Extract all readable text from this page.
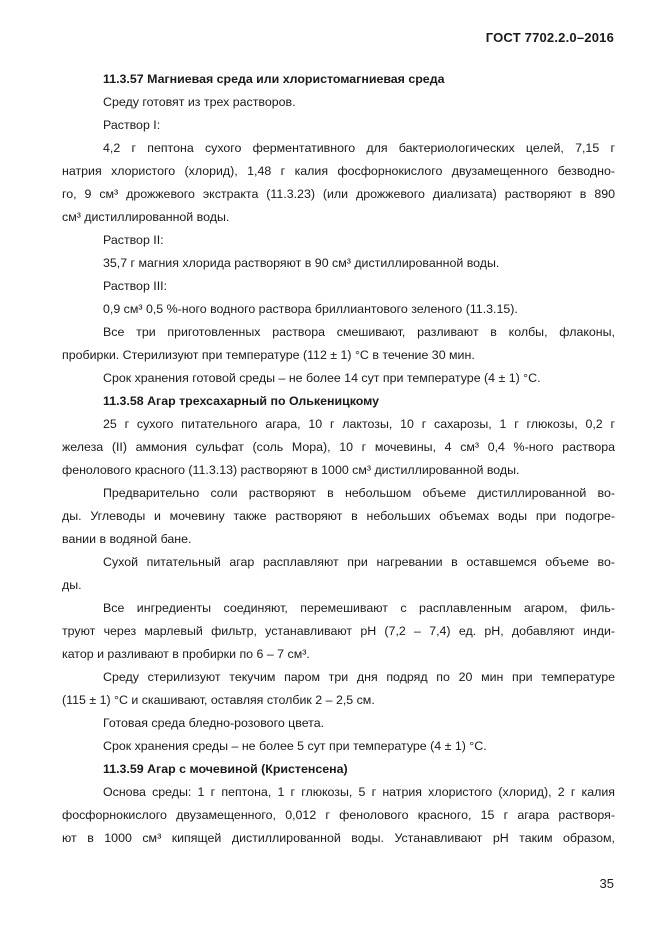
ГОСТ 7702.2.0–2016
11.3.57 Магниевая среда или хлористомагниевая среда
Среду готовят из трех растворов.
Раствор I:
4,2 г пептона сухого ферментативного для бактериологических целей, 7,15 г
натрия хлористого (хлорид), 1,48 г калия фосфорнокислого двузамещенного безводно-
го, 9 см³ дрожжевого экстракта (11.3.23) (или дрожжевого диализата) растворяют в 890
см³ дистиллированной воды.
Раствор II:
35,7 г магния хлорида растворяют в 90 см³ дистиллированной воды.
Раствор III:
0,9 см³ 0,5 %-ного водного раствора бриллиантового зеленого (11.3.15).
Все три приготовленных раствора смешивают, разливают в колбы, флаконы,
пробирки. Стерилизуют при температуре (112 ± 1) °С в течение 30 мин.
Срок хранения готовой среды – не более 14 сут при температуре (4 ± 1) °С.
11.3.58 Агар трехсахарный по Олькеницкому
25 г сухого питательного агара, 10 г лактозы, 10 г сахарозы, 1 г глюкозы, 0,2 г
железа (II) аммония сульфат (соль Мора), 10 г мочевины, 4 см³ 0,4 %-ного раствора
фенолового красного (11.3.13) растворяют в 1000 см³ дистиллированной воды.
Предварительно соли растворяют в небольшом объеме дистиллированной во-
ды. Углеводы и мочевину также растворяют в небольших объемах воды при подогре-
вании в водяной бане.
Сухой питательный агар расплавляют при нагревании в оставшемся объеме во-
ды.
Все ингредиенты соединяют, перемешивают с расплавленным агаром, филь-
труют через марлевый фильтр, устанавливают рН (7,2 – 7,4) ед. рН, добавляют инди-
катор и разливают в пробирки по 6 – 7 см³.
Среду стерилизуют текучим паром три дня подряд по 20 мин при температуре
(115 ± 1) °С и скашивают, оставляя столбик 2 – 2,5 см.
Готовая среда бледно-розового цвета.
Срок хранения среды – не более 5 сут при температуре (4 ± 1) °С.
11.3.59 Агар с мочевиной (Кристенсена)
Основа среды: 1 г пептона, 1 г глюкозы, 5 г натрия хлористого (хлорид), 2 г калия
фосфорнокислого двузамещенного, 0,012 г фенолового красного, 15 г агара растворя-
ют в 1000 см³ кипящей дистиллированной воды. Устанавливают рН таким образом,
35
